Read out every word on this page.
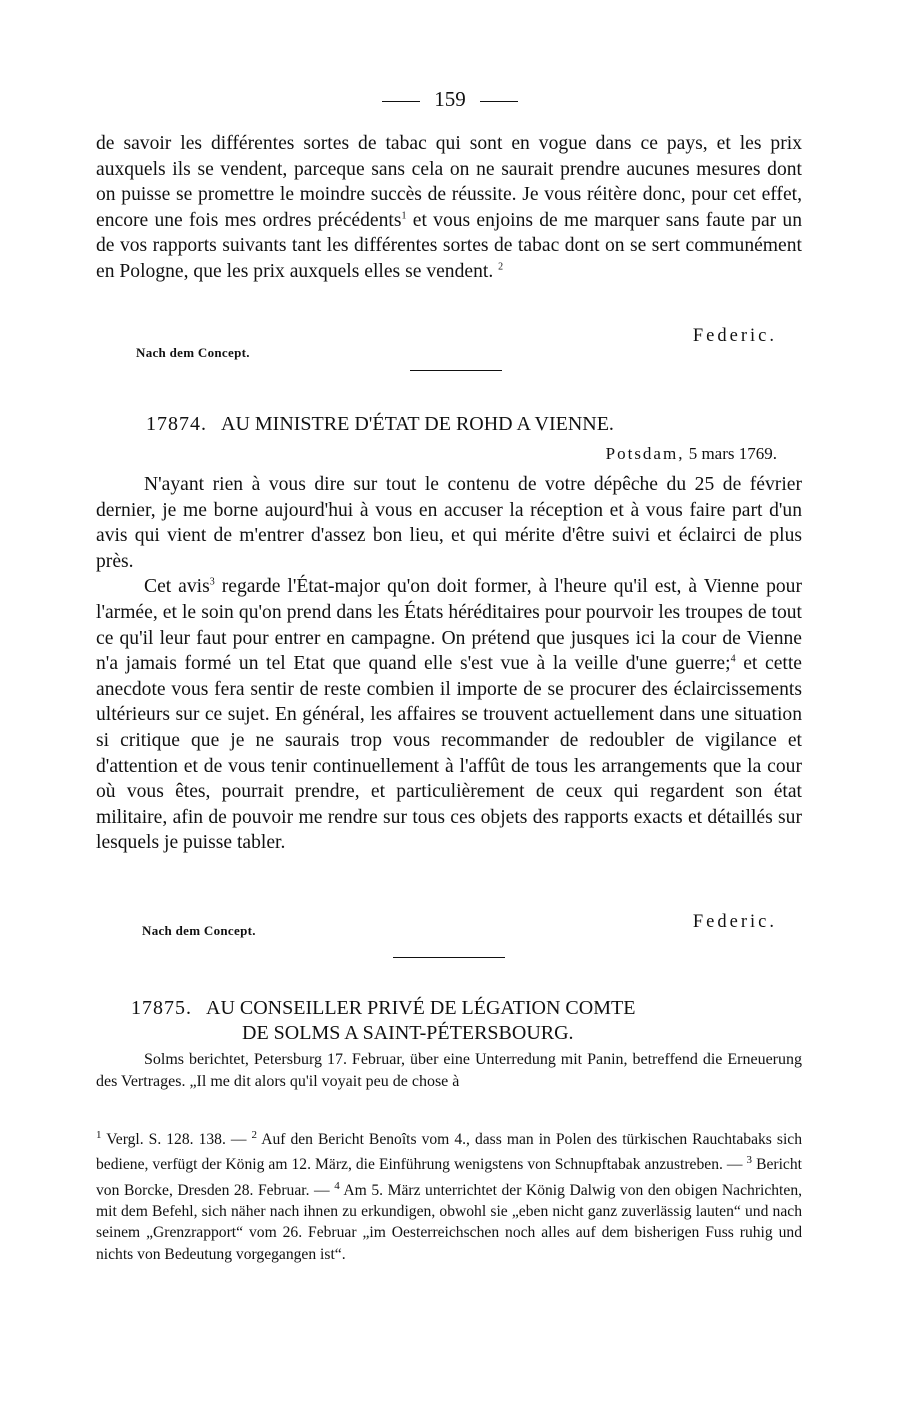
159

de savoir les différentes sortes de tabac qui sont en vogue dans ce pays, et les prix auxquels ils se vendent, parceque sans cela on ne saurait prendre aucunes mesures dont on puisse se promettre le moindre succès de réussite. Je vous réitère donc, pour cet effet, encore une fois mes ordres précédents$^1$ et vous enjoins de me marquer sans faute par un de vos rapports suivants tant les différentes sortes de tabac dont on se sert communément en Pologne, que les prix auxquels elles se vendent. $^2$

Federic.
Nach dem Concept.
17874. AU MINISTRE D'ÉTAT DE ROHD A VIENNE.
Potsdam, 5 mars 1769.

N'ayant rien à vous dire sur tout le contenu de votre dépêche du 25 de février dernier, je me borne aujourd'hui à vous en accuser la réception et à vous faire part d'un avis qui vient de m'entrer d'assez bon lieu, et qui mérite d'être suivi et éclairci de plus près.

Cet avis$^3$ regarde l'État-major qu'on doit former, à l'heure qu'il est, à Vienne pour l'armée, et le soin qu'on prend dans les États héréditaires pour pourvoir les troupes de tout ce qu'il leur faut pour entrer en campagne. On prétend que jusques ici la cour de Vienne n'a jamais formé un tel Etat que quand elle s'est vue à la veille d'une guerre;$^4$ et cette anecdote vous fera sentir de reste combien il importe de se procurer des éclaircissements ultérieurs sur ce sujet. En général, les affaires se trouvent actuellement dans une situation si critique que je ne saurais trop vous recommander de redoubler de vigilance et d'attention et de vous tenir continuellement à l'affût de tous les arrangements que la cour où vous êtes, pourrait prendre, et particulièrement de ceux qui regardent son état militaire, afin de pouvoir me rendre sur tous ces objets des rapports exacts et détaillés sur lesquels je puisse tabler.

Nach dem Concept.	Federic.
17875. AU CONSEILLER PRIVÉ DE LÉGATION COMTE
DE SOLMS A SAINT-PÉTERSBOURG.
Solms berichtet, Petersburg 17. Februar, über eine Unterredung mit Panin, betreffend die Erneuerung des Vertrages. „Il me dit alors qu'il voyait peu de chose à
$^1$ Vergl. S. 128. 138. — $^2$ Auf den Bericht Benoîts vom 4., dass man in Polen des türkischen Rauchtabaks sich bediene, verfügt der König am 12. März, die Einführung wenigstens von Schnupftabak anzustreben. — $^3$ Bericht von Borcke, Dresden 28. Februar. — $^4$ Am 5. März unterrichtet der König Dalwig von den obigen Nachrichten, mit dem Befehl, sich näher nach ihnen zu erkundigen, obwohl sie „eben nicht ganz zuverlässig lauten“ und nach seinem „Grenzrapport“ vom 26. Februar „im Oesterreichschen noch alles auf dem bisherigen Fuss ruhig und nichts von Bedeutung vorgegangen ist“.
